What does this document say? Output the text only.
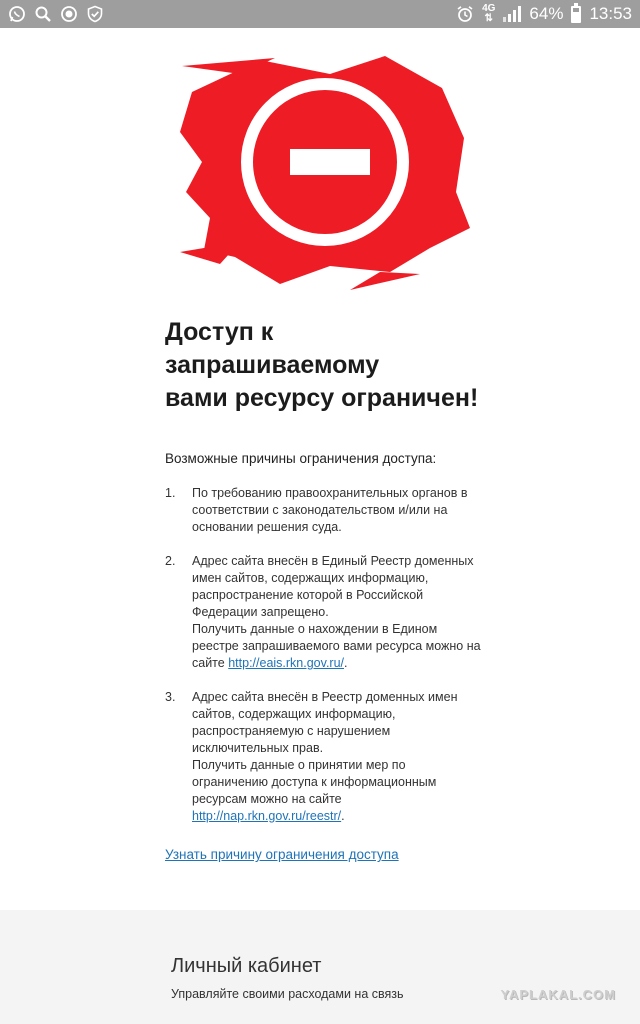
4G
⇅ 64% 13:53
Доступ к запрашиваемому
вами ресурсу ограничен!
Возможные причины ограничения доступа:
1.	По требованию правоохранительных органов в соответствии с законодательством и/или на основании решения суда.
2.	Адрес сайта внесён в Единый Реестр доменных имен сайтов, содержащих информацию, распространение которой в Российской Федерации запрещено.
Получить данные о нахождении в Едином реестре запрашиваемого вами ресурса можно на сайте http://eais.rkn.gov.ru/.
3.	Адрес сайта внесён в Реестр доменных имен сайтов, содержащих информацию, распространяемую с нарушением исключительных прав.
Получить данные о принятии мер по ограничению доступа к информационным ресурсам можно на сайте http://nap.rkn.gov.ru/reestr/.
Узнать причину ограничения доступа
Личный кабинет
Управляйте своими расходами на связь	YAPLAKAL.COM
